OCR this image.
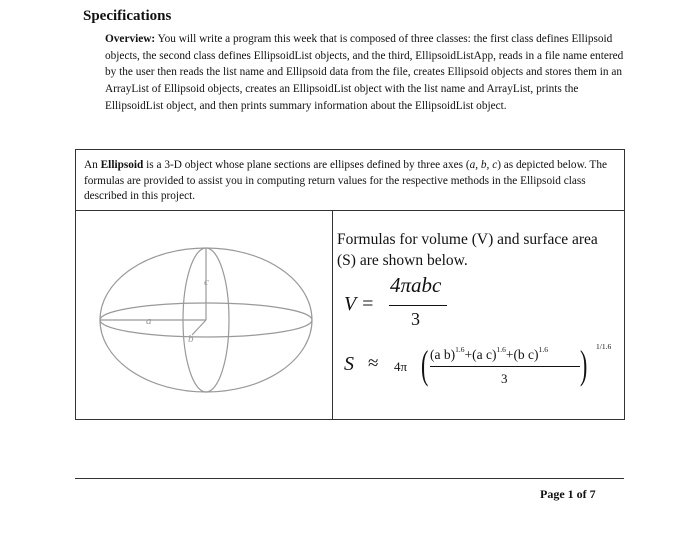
Specifications

Overview: You will write a program this week that is composed of three classes: the first class defines Ellipsoid objects, the second class defines EllipsoidList objects, and the third, EllipsoidListApp, reads in a file name entered by the user then reads the list name and Ellipsoid data from the file, creates Ellipsoid objects and stores them in an ArrayList of Ellipsoid objects, creates an EllipsoidList object with the list name and ArrayList, prints the EllipsoidList object, and then prints summary information about the EllipsoidList object.

An Ellipsoid is a 3-D object whose plane sections are ellipses defined by three axes (a, b, c) as depicted below. The formulas are provided to assist you in computing return values for the respective methods in the Ellipsoid class described in this project.

a
b
c

Formulas for volume (V) and surface area (S) are shown below.

V =
4πabc
3
S ≈ 4π ( (a b)$^{1.6}$+(a c)$^{1.6}$+(b c)$^{1.6}$
3 ) 1/1.6
Page 1 of 7
